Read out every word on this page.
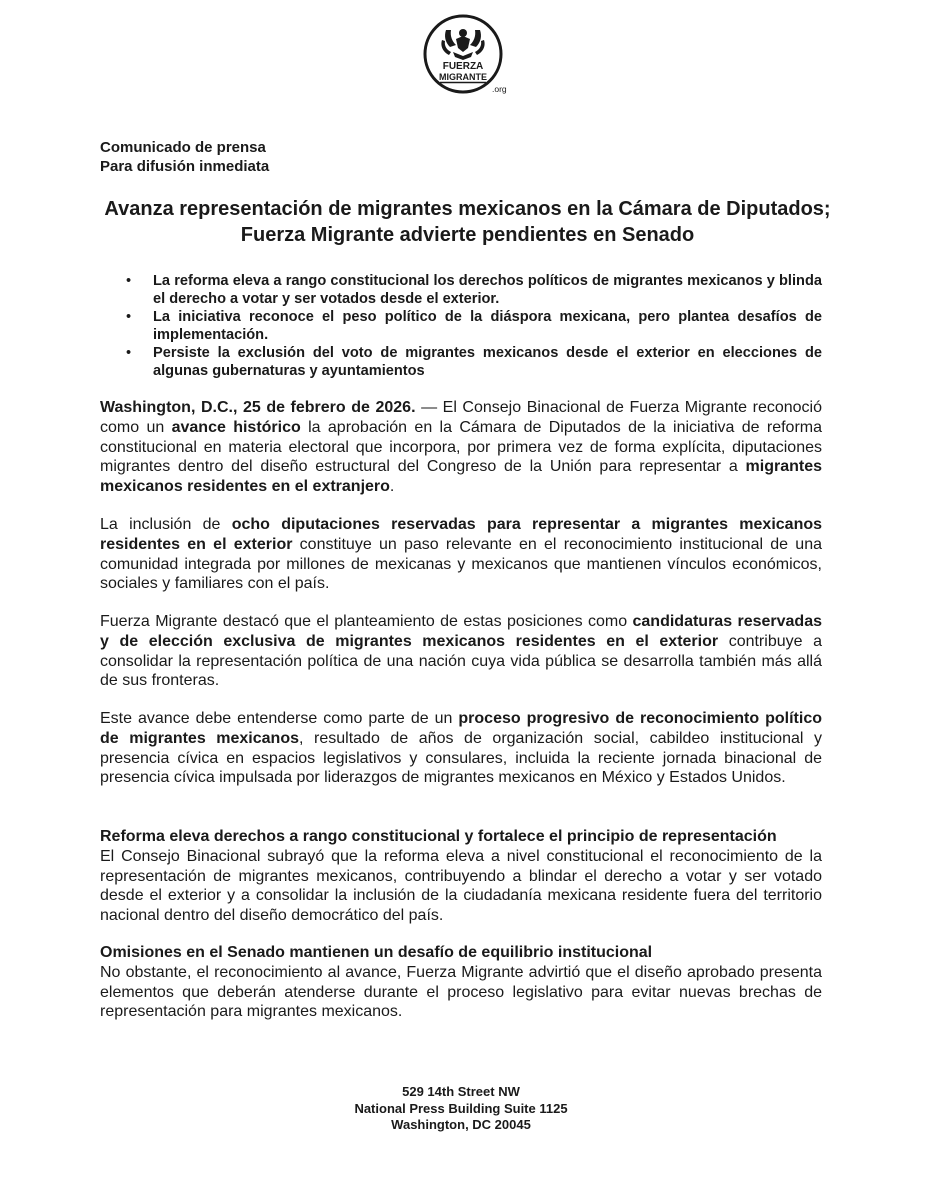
FUERZA
MIGRANTE
.org
Comunicado de prensa
Para difusión inmediata
Avanza representación de migrantes mexicanos en la Cámara de Diputados; Fuerza Migrante advierte pendientes en Senado
• La reforma eleva a rango constitucional los derechos políticos de migrantes mexicanos y blinda el derecho a votar y ser votados desde el exterior.
• La iniciativa reconoce el peso político de la diáspora mexicana, pero plantea desafíos de implementación.
• Persiste la exclusión del voto de migrantes mexicanos desde el exterior en elecciones de algunas gubernaturas y ayuntamientos

Washington, D.C., 25 de febrero de 2026. — El Consejo Binacional de Fuerza Migrante reconoció como un avance histórico la aprobación en la Cámara de Diputados de la iniciativa de reforma constitucional en materia electoral que incorpora, por primera vez de forma explícita, diputaciones migrantes dentro del diseño estructural del Congreso de la Unión para representar a migrantes mexicanos residentes en el extranjero.

La inclusión de ocho diputaciones reservadas para representar a migrantes mexicanos residentes en el exterior constituye un paso relevante en el reconocimiento institucional de una comunidad integrada por millones de mexicanas y mexicanos que mantienen vínculos económicos, sociales y familiares con el país.

Fuerza Migrante destacó que el planteamiento de estas posiciones como candidaturas reservadas y de elección exclusiva de migrantes mexicanos residentes en el exterior contribuye a consolidar la representación política de una nación cuya vida pública se desarrolla también más allá de sus fronteras.

Este avance debe entenderse como parte de un proceso progresivo de reconocimiento político de migrantes mexicanos, resultado de años de organización social, cabildeo institucional y presencia cívica en espacios legislativos y consulares, incluida la reciente jornada binacional de presencia cívica impulsada por liderazgos de migrantes mexicanos en México y Estados Unidos.

Reforma eleva derechos a rango constitucional y fortalece el principio de representación

El Consejo Binacional subrayó que la reforma eleva a nivel constitucional el reconocimiento de la representación de migrantes mexicanos, contribuyendo a blindar el derecho a votar y ser votado desde el exterior y a consolidar la inclusión de la ciudadanía mexicana residente fuera del territorio nacional dentro del diseño democrático del país.

Omisiones en el Senado mantienen un desafío de equilibrio institucional

No obstante, el reconocimiento al avance, Fuerza Migrante advirtió que el diseño aprobado presenta elementos que deberán atenderse durante el proceso legislativo para evitar nuevas brechas de representación para migrantes mexicanos.

529 14th Street NW
National Press Building Suite 1125
Washington, DC 20045
